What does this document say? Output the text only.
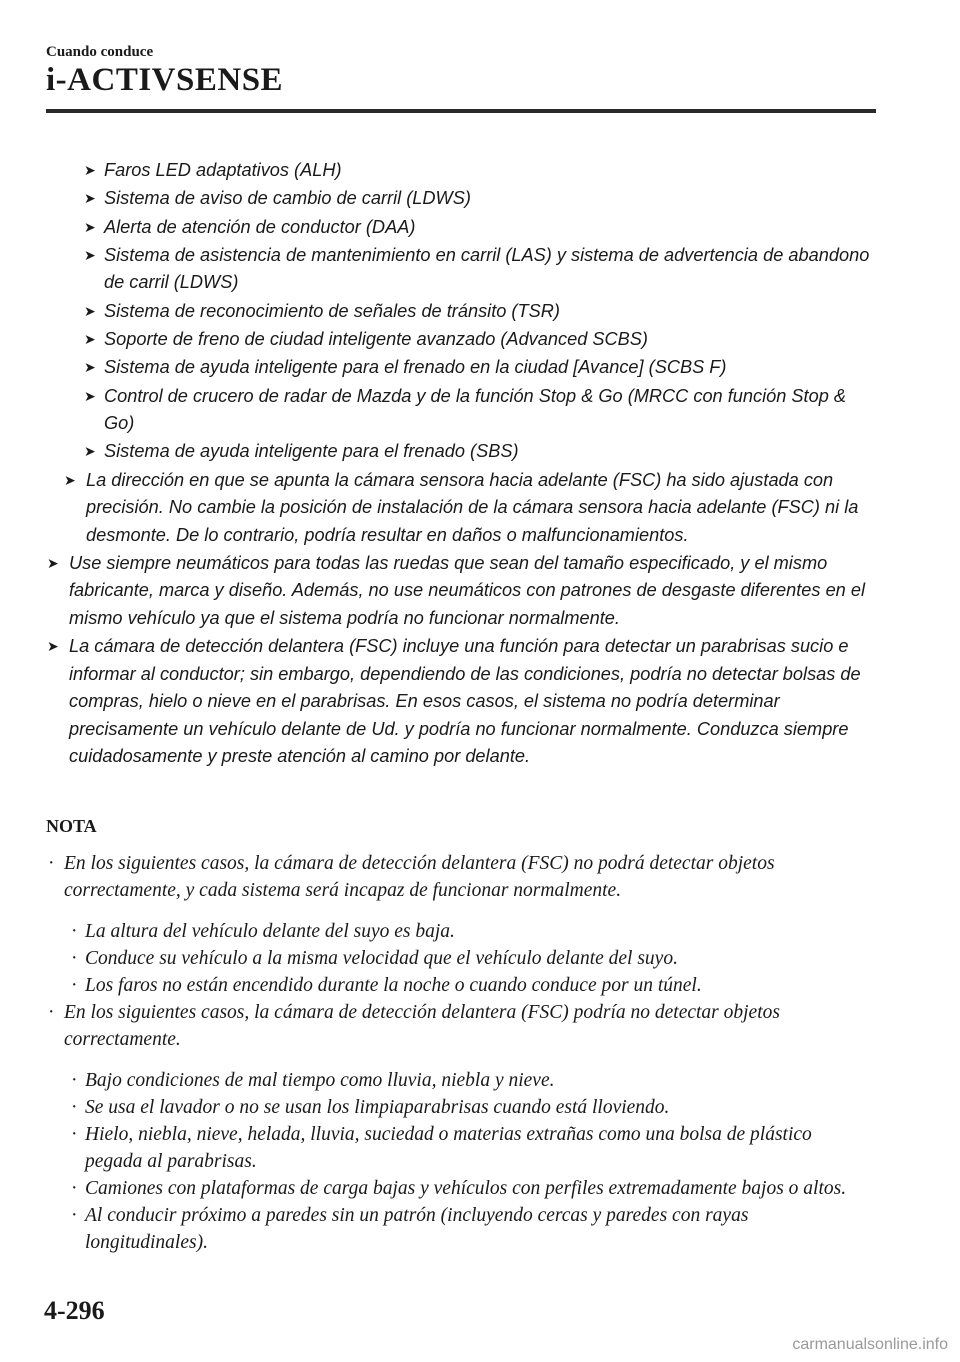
Cuando conduce
i-ACTIVSENSE
➤ Faros LED adaptativos (ALH)
➤ Sistema de aviso de cambio de carril (LDWS)
➤ Alerta de atención de conductor (DAA)
➤ Sistema de asistencia de mantenimiento en carril (LAS) y sistema de advertencia de abandono de carril (LDWS)
➤ Sistema de reconocimiento de señales de tránsito (TSR)
➤ Soporte de freno de ciudad inteligente avanzado (Advanced SCBS)
➤ Sistema de ayuda inteligente para el frenado en la ciudad [Avance] (SCBS F)
➤ Control de crucero de radar de Mazda y de la función Stop & Go (MRCC con función Stop & Go)
➤ Sistema de ayuda inteligente para el frenado (SBS)
➤ La dirección en que se apunta la cámara sensora hacia adelante (FSC) ha sido ajustada con precisión. No cambie la posición de instalación de la cámara sensora hacia adelante (FSC) ni la desmonte. De lo contrario, podría resultar en daños o malfuncionamientos.
➤ Use siempre neumáticos para todas las ruedas que sean del tamaño especificado, y el mismo fabricante, marca y diseño. Además, no use neumáticos con patrones de desgaste diferentes en el mismo vehículo ya que el sistema podría no funcionar normalmente.
➤ La cámara de detección delantera (FSC) incluye una función para detectar un parabrisas sucio e informar al conductor; sin embargo, dependiendo de las condiciones, podría no detectar bolsas de compras, hielo o nieve en el parabrisas. En esos casos, el sistema no podría determinar precisamente un vehículo delante de Ud. y podría no funcionar normalmente. Conduzca siempre cuidadosamente y preste atención al camino por delante.
NOTA
· En los siguientes casos, la cámara de detección delantera (FSC) no podrá detectar objetos correctamente, y cada sistema será incapaz de funcionar normalmente.
· La altura del vehículo delante del suyo es baja.
· Conduce su vehículo a la misma velocidad que el vehículo delante del suyo.
· Los faros no están encendido durante la noche o cuando conduce por un túnel.
· En los siguientes casos, la cámara de detección delantera (FSC) podría no detectar objetos correctamente.
· Bajo condiciones de mal tiempo como lluvia, niebla y nieve.
· Se usa el lavador o no se usan los limpiaparabrisas cuando está lloviendo.
· Hielo, niebla, nieve, helada, lluvia, suciedad o materias extrañas como una bolsa de plástico pegada al parabrisas.
· Camiones con plataformas de carga bajas y vehículos con perfiles extremadamente bajos o altos.
· Al conducir próximo a paredes sin un patrón (incluyendo cercas y paredes con rayas longitudinales).
4-296
carmanualsonline.info
